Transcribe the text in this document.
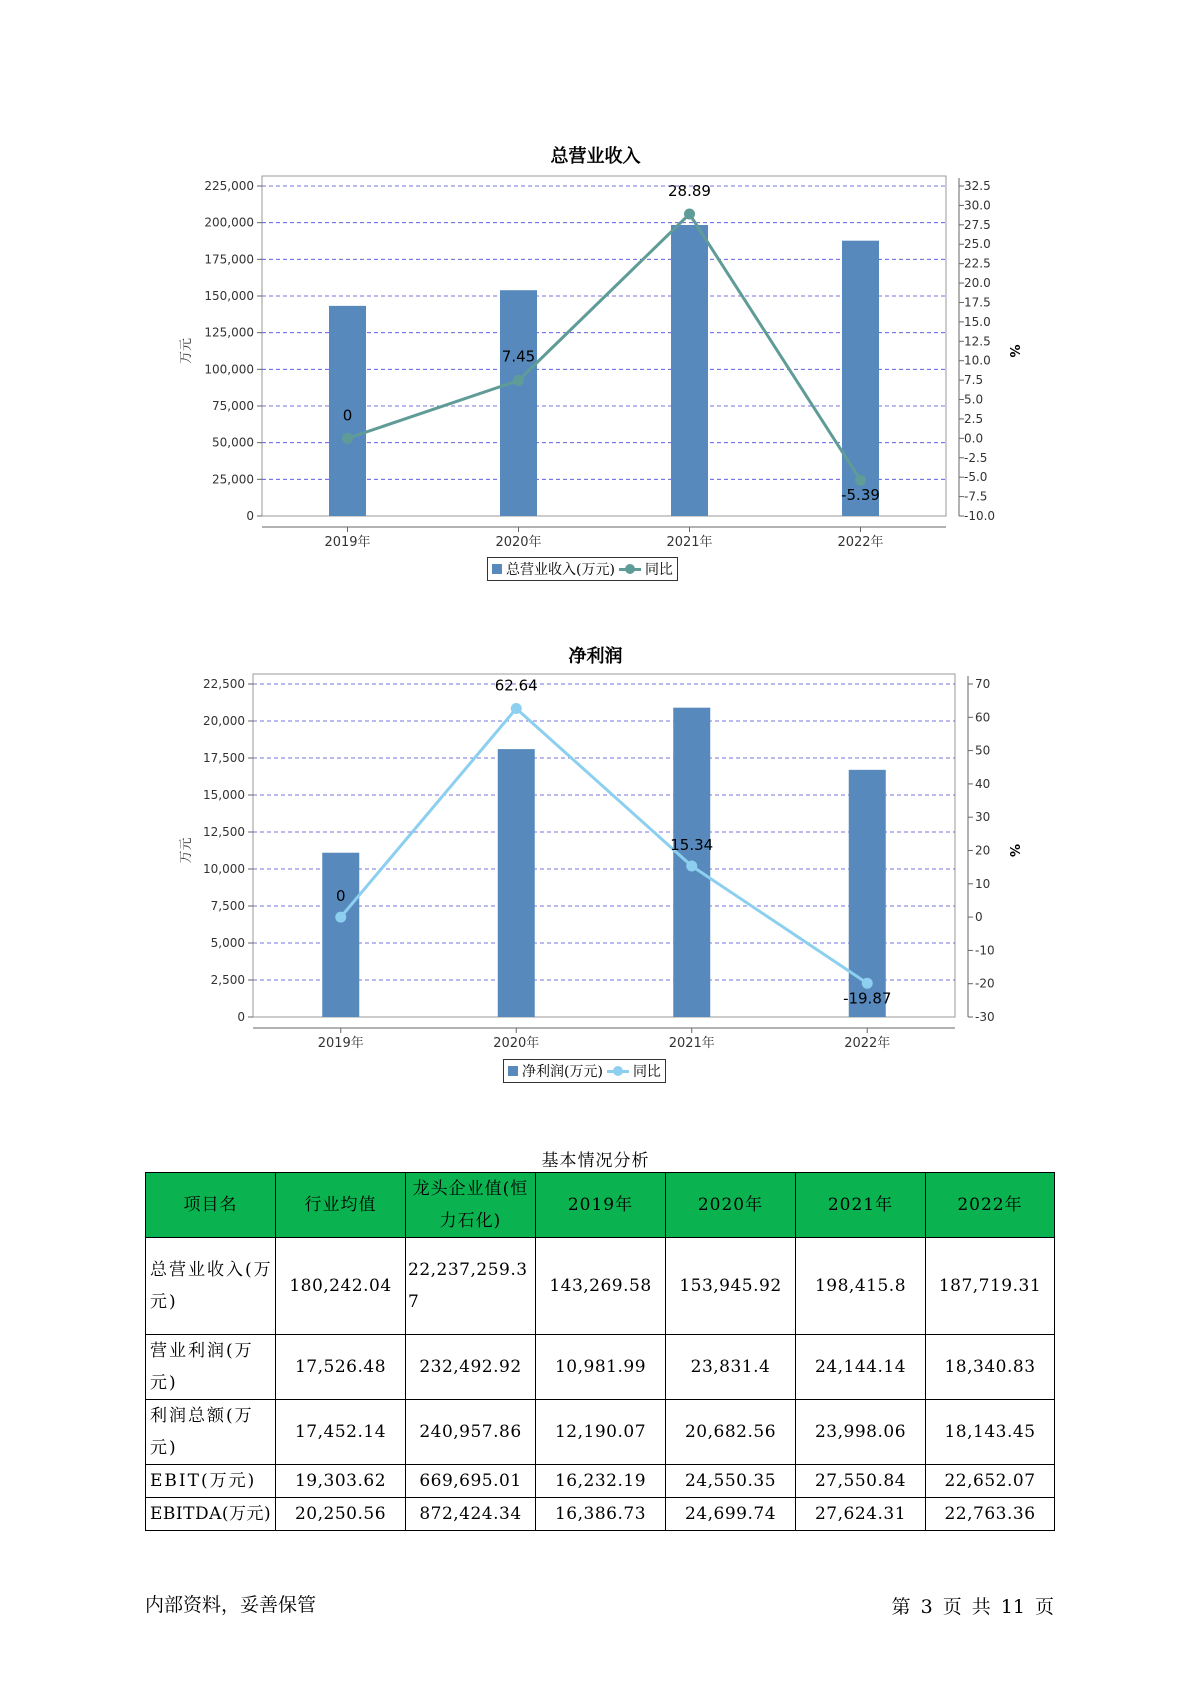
总营业收入
0
25,000
50,000
75,000
100,000
125,000
150,000
175,000
200,000
225,000
-10.0
-7.5
-5.0
-2.5
0.0
2.5
5.0
7.5
10.0
12.5
15.0
17.5
20.0
22.5
25.0
27.5
30.0
32.5
2019年	2020年	2021年	2022年
万元	%
0
7.45
28.89
-5.39
总营业收入(万元) 同比
净利润
0
2,500
5,000
7,500
10,000
12,500
15,000
17,500
20,000
22,500
-30
-20
-10
0
10
20
30
40
50
60
70
2019年	2020年	2021年	2022年
万元	%
0
62.64
15.34
-19.87
净利润(万元) 同比
基本情况分析
项目名	行业均值	龙头企业值(恒力石化)	2019年	2020年	2021年	2022年
总营业收入(万元)	180,242.04	22,237,259.37	143,269.58	153,945.92	198,415.8	187,719.31
营业利润(万元)	17,526.48	232,492.92	10,981.99	23,831.4	24,144.14	18,340.83
利润总额(万元)	17,452.14	240,957.86	12,190.07	20,682.56	23,998.06	18,143.45
EBIT(万元)	19,303.62	669,695.01	16,232.19	24,550.35	27,550.84	22,652.07
EBITDA(万元)	20,250.56	872,424.34	16,386.73	24,699.74	27,624.31	22,763.36
内部资料，妥善保管	第 3 页 共 11 页
